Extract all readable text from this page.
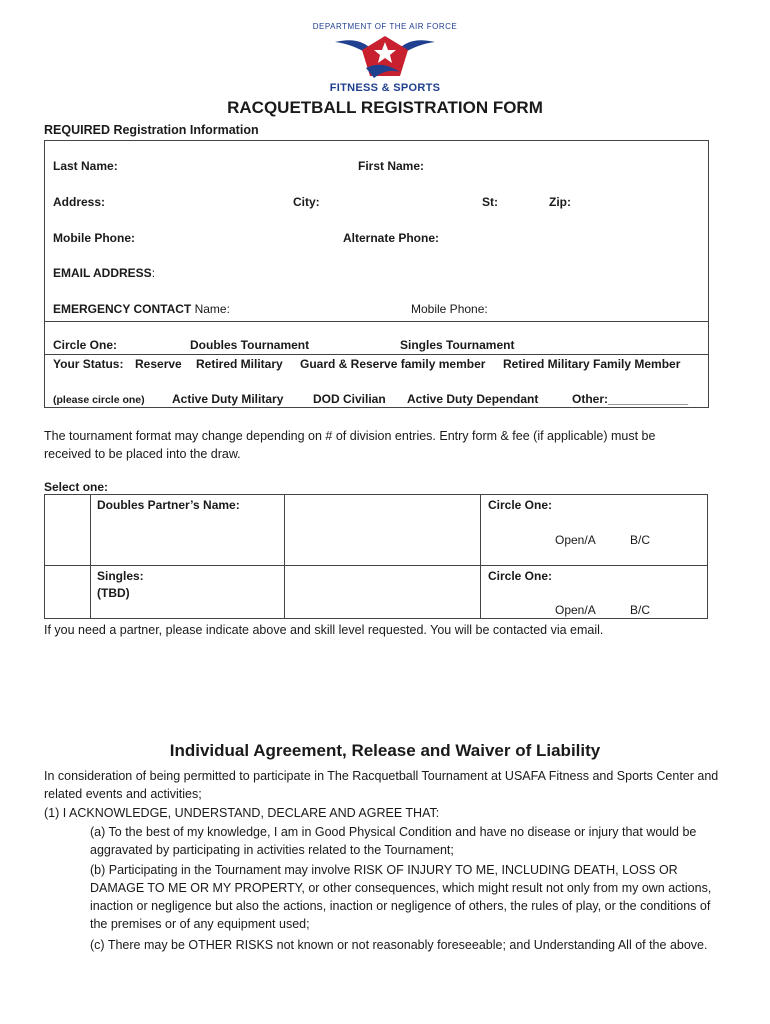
DEPARTMENT OF THE AIR FORCE
FITNESS & SPORTS
RACQUETBALL REGISTRATION FORM
REQUIRED Registration Information
Last Name:	First Name:
Address:	City:	St:	Zip:
Mobile Phone:	Alternate Phone:
EMAIL ADDRESS:
EMERGENCY CONTACT Name:	Mobile Phone:
Circle One:	Doubles Tournament	Singles Tournament
Your Status: Reserve Retired Military Guard & Reserve family member Retired Military Family Member
(please circle one) Active Duty Military DOD Civilian Active Duty Dependant	Other:____________
The tournament format may change depending on # of division entries. Entry form & fee (if applicable) must be received to be placed into the draw.
Select one:
Doubles Partner’s Name:	Circle One:
Open/A	B/C
Singles:
(TBD)
Circle One:
Open/A	B/C
If you need a partner, please indicate above and skill level requested. You will be contacted via email.
Individual Agreement, Release and Waiver of Liability
In consideration of being permitted to participate in The Racquetball Tournament at USAFA Fitness and Sports Center and related events and activities;
(1) I ACKNOWLEDGE, UNDERSTAND, DECLARE AND AGREE THAT:
(a) To the best of my knowledge, I am in Good Physical Condition and have no disease or injury that would be aggravated by participating in activities related to the Tournament;
(b) Participating in the Tournament may involve RISK OF INJURY TO ME, INCLUDING DEATH, LOSS OR DAMAGE TO ME OR MY PROPERTY, or other consequences, which might result not only from my own actions, inaction or negligence but also the actions, inaction or negligence of others, the rules of play, or the conditions of the premises or of any equipment used;
(c) There may be OTHER RISKS not known or not reasonably foreseeable; and Understanding All of the above.
